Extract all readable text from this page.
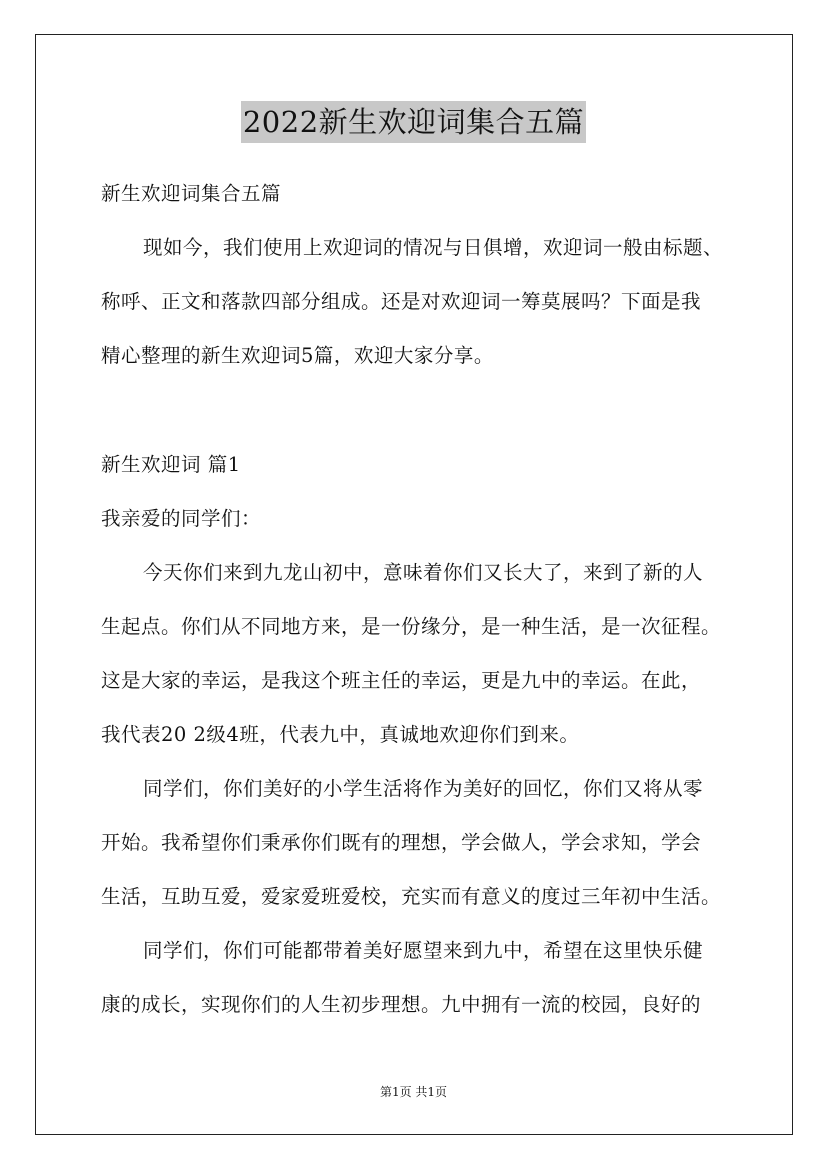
2022新生欢迎词集合五篇
新生欢迎词集合五篇
现如今，我们使用上欢迎词的情况与日俱增，欢迎词一般由标题、
称呼、正文和落款四部分组成。还是对欢迎词一筹莫展吗？下面是我
精心整理的新生欢迎词5篇，欢迎大家分享。
新生欢迎词 篇1
我亲爱的同学们：
今天你们来到九龙山初中，意味着你们又长大了，来到了新的人
生起点。你们从不同地方来，是一份缘分，是一种生活，是一次征程。
这是大家的幸运，是我这个班主任的幸运，更是九中的幸运。在此，
我代表20 2级4班，代表九中，真诚地欢迎你们到来。
同学们，你们美好的小学生活将作为美好的回忆，你们又将从零
开始。我希望你们秉承你们既有的理想，学会做人，学会求知，学会
生活，互助互爱，爱家爱班爱校，充实而有意义的度过三年初中生活。
同学们，你们可能都带着美好愿望来到九中，希望在这里快乐健
康的成长，实现你们的人生初步理想。九中拥有一流的校园，良好的
第1页 共1页
